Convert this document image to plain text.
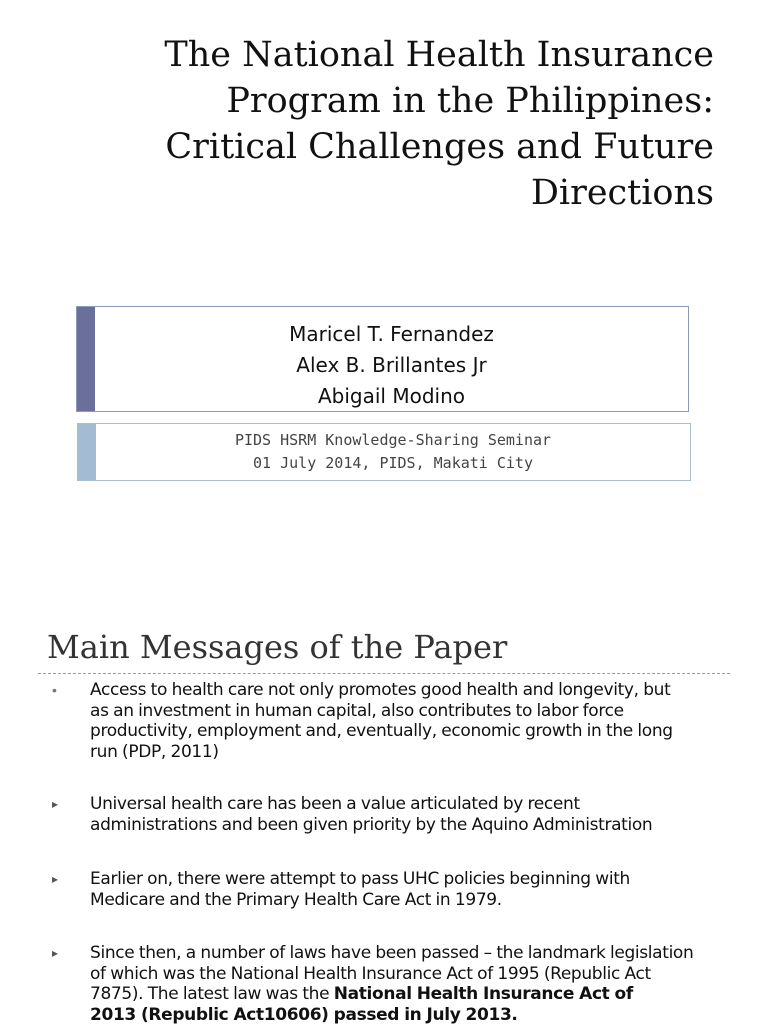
The National Health Insurance
Program in the Philippines:
Critical Challenges and Future
Directions
Maricel T. Fernandez
Alex B. Brillantes Jr
Abigail Modino
PIDS HSRM Knowledge-Sharing Seminar
01 July 2014, PIDS, Makati City
Main Messages of the Paper
• Access to health care not only promotes good health and longevity, but
as an investment in human capital, also contributes to labor force
productivity, employment and, eventually, economic growth in the long
run (PDP, 2011)

▸ Universal health care has been a value articulated by recent
administrations and been given priority by the Aquino Administration

▸ Earlier on, there were attempt to pass UHC policies beginning with
Medicare and the Primary Health Care Act in 1979.

▸ Since then, a number of laws have been passed – the landmark legislation
of which was the National Health Insurance Act of 1995 (Republic Act
7875). The latest law was the National Health Insurance Act of
2013 (Republic Act10606) passed in July 2013.
